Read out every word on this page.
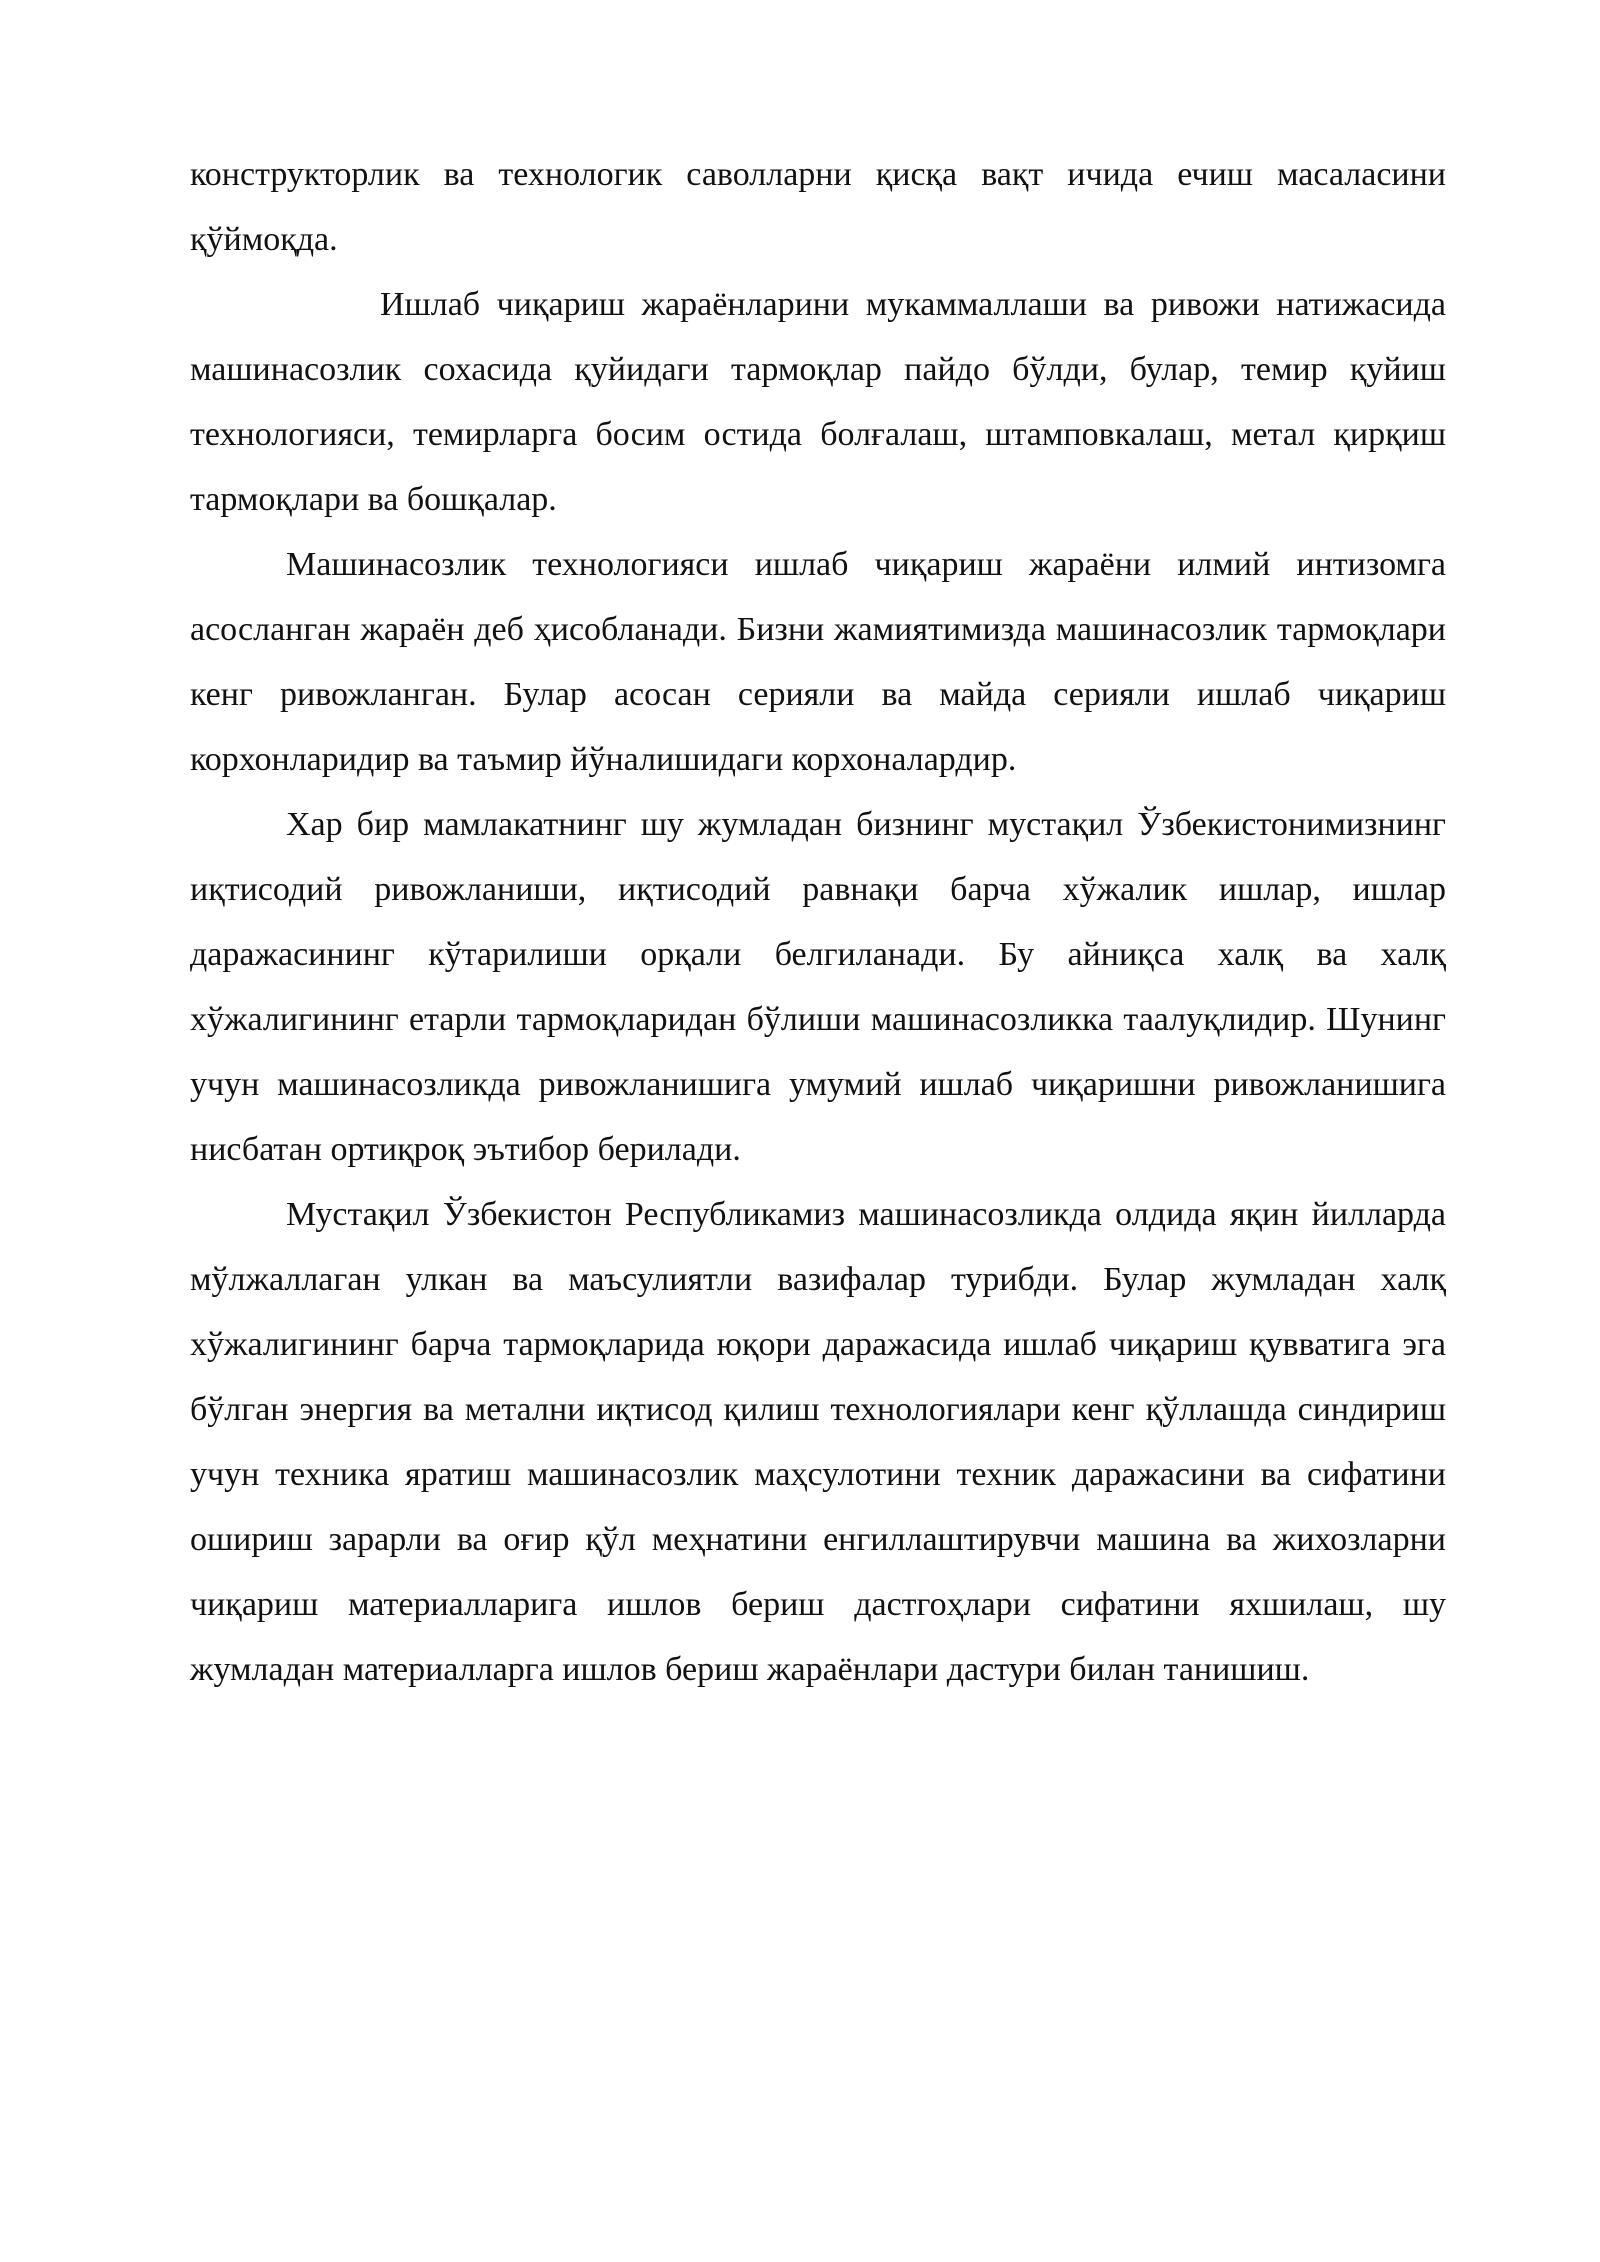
конструкторлик ва технологик саволларни қисқа вақт ичида ечиш масаласини қўймоқда.

Ишлаб чиқариш жараёнларини мукаммаллаши ва ривожи натижасида машинасозлик сохасида қуйидаги тармоқлар пайдо бўлди, булар, темир қуйиш технологияси, темирларга босим остида болғалаш, штамповкалаш, метал қирқиш тармоқлари ва бошқалар.

Машинасозлик технологияси ишлаб чиқариш жараёни илмий интизомга асосланган жараён деб ҳисобланади. Бизни жамиятимизда машинасозлик тармоқлари кенг ривожланган. Булар асосан серияли ва майда серияли ишлаб чиқариш корхонларидир ва таъмир йўналишидаги корхоналардир.

Хар бир мамлакатнинг шу жумладан бизнинг мустақил Ўзбекистонимизнинг иқтисодий ривожланиши, иқтисодий равнақи барча хўжалик ишлар, ишлар даражасининг кўтарилиши орқали белгиланади. Бу айниқса халқ ва халқ хўжалигининг етарли тармоқларидан бўлиши машинасозликка таалуқлидир. Шунинг учун машинасозликда ривожланишига умумий ишлаб чиқаришни ривожланишига нисбатан ортиқроқ эътибор берилади.

Мустақил Ўзбекистон Республикамиз машинасозликда олдида яқин йилларда мўлжаллаган улкан ва маъсулиятли вазифалар турибди. Булар жумладан халқ хўжалигининг барча тармоқларида юқори даражасида ишлаб чиқариш қувватига эга бўлган энергия ва метални иқтисод қилиш технологиялари кенг қўллашда синдириш учун техника яратиш машинасозлик маҳсулотини техник даражасини ва сифатини ошириш зарарли ва оғир қўл меҳнатини енгиллаштирувчи машина ва жихозларни чиқариш материалларига ишлов бериш дастгоҳлари сифатини яхшилаш, шу жумладан материалларга ишлов бериш жараёнлари дастури билан танишиш.
